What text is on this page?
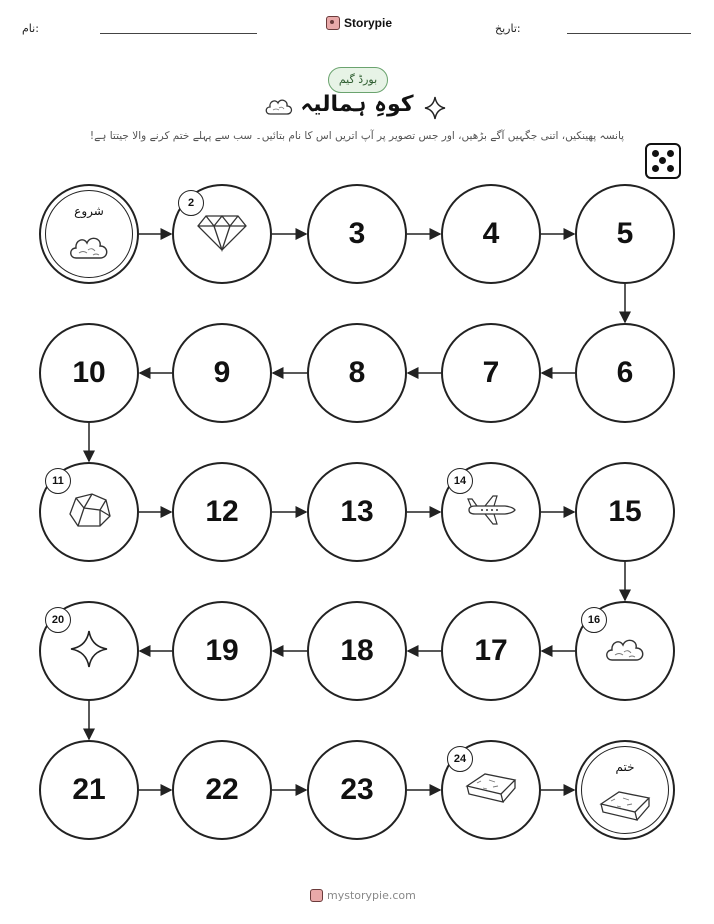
نام:	Storypie	تاریخ:
بورڈ گیم
کوہِ ہمالیہ
پانسہ پھینکیں، اتنی جگہیں آگے بڑھیں، اور جس تصویر پر آپ اتریں اس کا نام بتائیں۔ سب سے پہلے ختم کرنے والا جیتتا ہے!
شروع
2
3	4	5
6
7
8
9
10
11
12	13
14
15
16
17
18
19
20
21	22	23
24
ختم
mystorypie.com
